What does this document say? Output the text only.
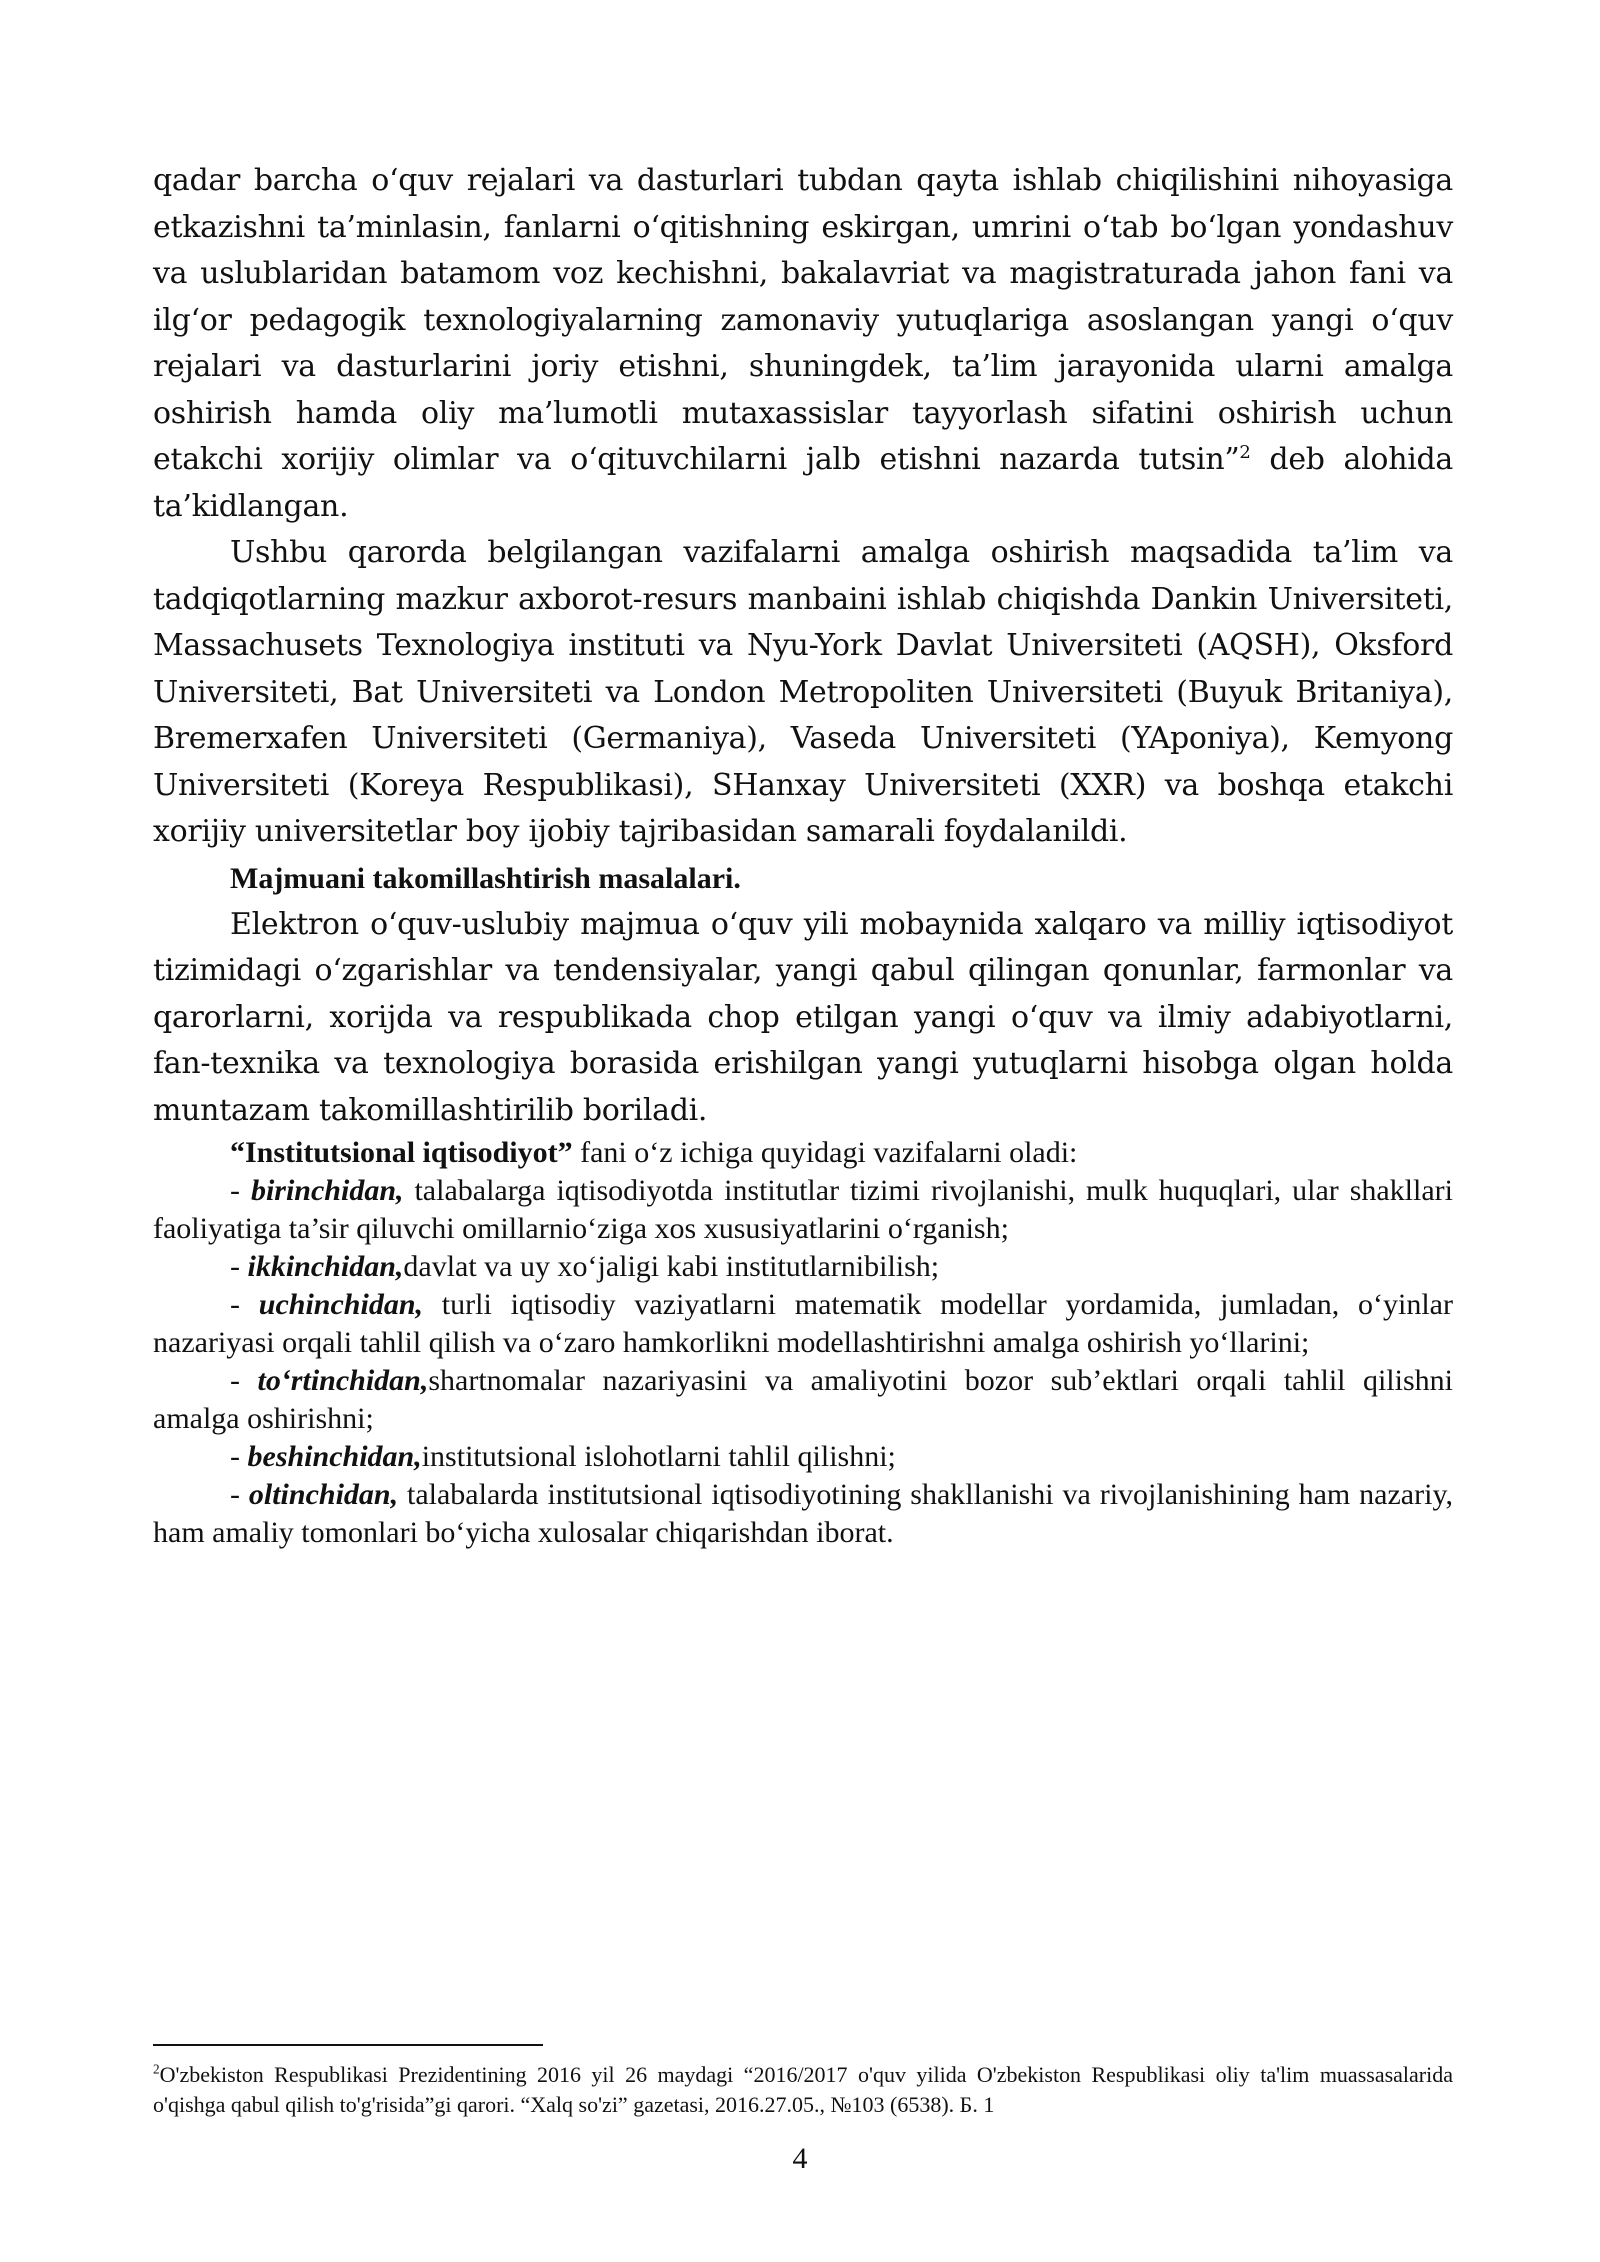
qadar barcha o‘quv rejalari va dasturlari tubdan qayta ishlab chiqilishini nihoyasiga etkazishni ta’minlasin, fanlarni o‘qitishning eskirgan, umrini o‘tab bo‘lgan yondashuv va uslublaridan batamom voz kechishni, bakalavriat va magistraturada jahon fani va ilg‘or pedagogik texnologiyalarning zamonaviy yutuqlariga asoslangan yangi o‘quv rejalari va dasturlarini joriy etishni, shuningdek, ta’lim jarayonida ularni amalga oshirish hamda oliy ma’lumotli mutaxassislar tayyorlash sifatini oshirish uchun etakchi xorijiy olimlar va o‘qituvchilarni jalb etishni nazarda tutsin”$^2$ deb alohida ta’kidlangan.

Ushbu qarorda belgilangan vazifalarni amalga oshirish maqsadida ta’lim va tadqiqotlarning mazkur axborot-resurs manbaini ishlab chiqishda Dankin Universiteti, Massachusets Texnologiya instituti va Nyu-York Davlat Universiteti (AQSH), Oksford Universiteti, Bat Universiteti va London Metropoliten Universiteti (Buyuk Britaniya), Bremerxafen Universiteti (Germaniya), Vaseda Universiteti (YAponiya), Kemyong Universiteti (Koreya Respublikasi), SHanxay Universiteti (XXR) va boshqa etakchi xorijiy universitetlar boy ijobiy tajribasidan samarali foydalanildi.

Majmuani takomillashtirish masalalari.

Elektron o‘quv-uslubiy majmua o‘quv yili mobaynida xalqaro va milliy iqtisodiyot tizimidagi o‘zgarishlar va tendensiyalar, yangi qabul qilingan qonunlar, farmonlar va qarorlarni, xorijda va respublikada chop etilgan yangi o‘quv va ilmiy adabiyotlarni, fan-texnika va texnologiya borasida erishilgan yangi yutuqlarni hisobga olgan holda muntazam takomillashtirilib boriladi.

“Institutsional iqtisodiyot” fani o‘z ichiga quyidagi vazifalarni oladi:

- birinchidan, talabalarga iqtisodiyotda institutlar tizimi rivojlanishi, mulk huquqlari, ular shakllari faoliyatiga ta’sir qiluvchi omillarnio‘ziga xos xususiyatlarini o‘rganish;

- ikkinchidan,davlat va uy xo‘jaligi kabi institutlarnibilish;

- uchinchidan, turli iqtisodiy vaziyatlarni matematik modellar yordamida, jumladan, o‘yinlar nazariyasi orqali tahlil qilish va o‘zaro hamkorlikni modellashtirishni amalga oshirish yo‘llarini;

- to‘rtinchidan,shartnomalar nazariyasini va amaliyotini bozor sub’ektlari orqali tahlil qilishni amalga oshirishni;

- beshinchidan,institutsional islohotlarni tahlil qilishni;

- oltinchidan, talabalarda institutsional iqtisodiyotining shakllanishi va rivojlanishining ham nazariy, ham amaliy tomonlari bo‘yicha xulosalar chiqarishdan iborat.

$^2$O'zbekiston Respublikasi Prezidentining 2016 yil 26 maydagi “2016/2017 o'quv yilida O'zbekiston Respublikasi oliy ta'lim muassasalarida o'qishga qabul qilish to'g'risida”gi qarori. “Xalq so'zi” gazetasi, 2016.27.05., №103 (6538). Б. 1

4
